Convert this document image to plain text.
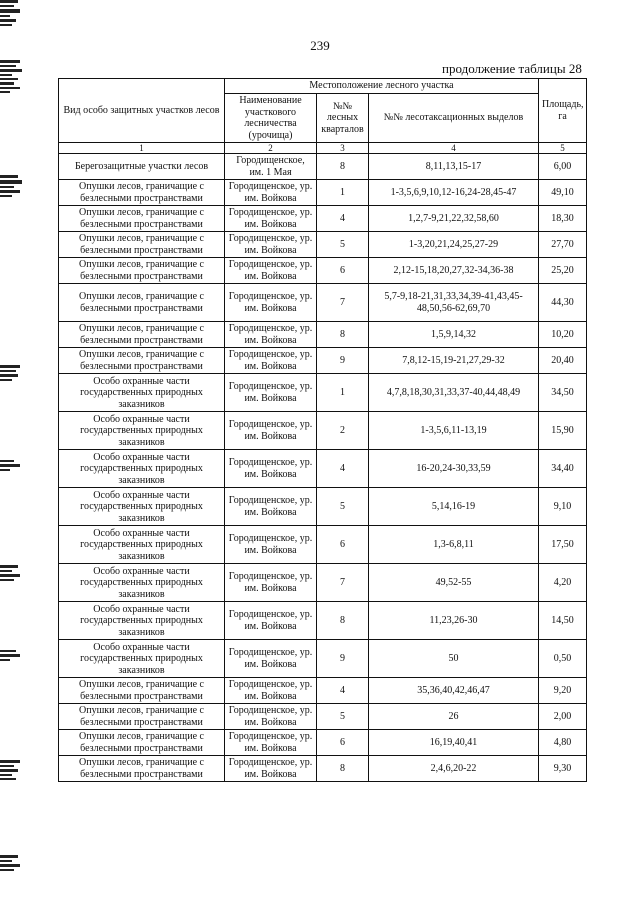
239
продолжение таблицы 28
Вид особо защитных участков лесов	Местоположение лесного участка			Площадь, га
	Наименование участкового лесничества (урочища)	№№ лесных кварталов	№№ лесотаксационных выделов	
1	2	3	4	5
Берегозащитные участки лесов	Городищенское, им. 1 Мая	8	8,11,13,15-17	6,00
Опушки лесов, граничащие с безлесными пространствами	Городищенское, ур. им. Войкова	1	1-3,5,6,9,10,12-16,24-28,45-47	49,10
Опушки лесов, граничащие с безлесными пространствами	Городищенское, ур. им. Войкова	4	1,2,7-9,21,22,32,58,60	18,30
Опушки лесов, граничащие с безлесными пространствами	Городищенское, ур. им. Войкова	5	1-3,20,21,24,25,27-29	27,70
Опушки лесов, граничащие с безлесными пространствами	Городищенское, ур. им. Войкова	6	2,12-15,18,20,27,32-34,36-38	25,20
Опушки лесов, граничащие с безлесными пространствами	Городищенское, ур. им. Войкова	7	5,7-9,18-21,31,33,34,39-41,43,45-48,50,56-62,69,70	44,30
Опушки лесов, граничащие с безлесными пространствами	Городищенское, ур. им. Войкова	8	1,5,9,14,32	10,20
Опушки лесов, граничащие с безлесными пространствами	Городищенское, ур. им. Войкова	9	7,8,12-15,19-21,27,29-32	20,40
Особо охранные части государственных природных заказников	Городищенское, ур. им. Войкова	1	4,7,8,18,30,31,33,37-40,44,48,49	34,50
Особо охранные части государственных природных заказников	Городищенское, ур. им. Войкова	2	1-3,5,6,11-13,19	15,90
Особо охранные части государственных природных заказников	Городищенское, ур. им. Войкова	4	16-20,24-30,33,59	34,40
Особо охранные части государственных природных заказников	Городищенское, ур. им. Войкова	5	5,14,16-19	9,10
Особо охранные части государственных природных заказников	Городищенское, ур. им. Войкова	6	1,3-6,8,11	17,50
Особо охранные части государственных природных заказников	Городищенское, ур. им. Войкова	7	49,52-55	4,20
Особо охранные части государственных природных заказников	Городищенское, ур. им. Войкова	8	11,23,26-30	14,50
Особо охранные части государственных природных заказников	Городищенское, ур. им. Войкова	9	50	0,50
Опушки лесов, граничащие с безлесными пространствами	Городищенское, ур. им. Войкова	4	35,36,40,42,46,47	9,20
Опушки лесов, граничащие с безлесными пространствами	Городищенское, ур. им. Войкова	5	26	2,00
Опушки лесов, граничащие с безлесными пространствами	Городищенское, ур. им. Войкова	6	16,19,40,41	4,80
Опушки лесов, граничащие с безлесными пространствами	Городищенское, ур. им. Войкова	8	2,4,6,20-22	9,30
